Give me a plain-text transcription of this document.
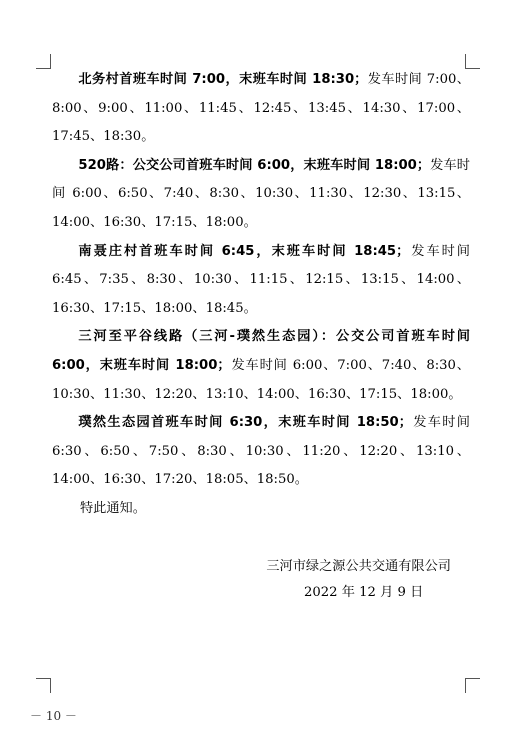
北务村首班车时间 7:00，末班车时间 18:30；发车时间 7:00、8:00、9:00、11:00、11:45、12:45、13:45、14:30、17:00、17:45、18:30。

520路：公交公司首班车时间 6:00，末班车时间 18:00；发车时间 6:00、6:50、7:40、8:30、10:30、11:30、12:30、13:15、14:00、16:30、17:15、18:00。

南聂庄村首班车时间 6:45，末班车时间 18:45；发车时间 6:45、7:35、8:30、10:30、11:15、12:15、13:15、14:00、16:30、17:15、18:00、18:45。

三河至平谷线路（三河-璞然生态园）：公交公司首班车时间 6:00，末班车时间 18:00；发车时间 6:00、7:00、7:40、8:30、10:30、11:30、12:20、13:10、14:00、16:30、17:15、18:00。

璞然生态园首班车时间 6:30，末班车时间 18:50；发车时间 6:30、6:50、7:50、8:30、10:30、11:20、12:20、13:10、14:00、16:30、17:20、18:05、18:50。

特此通知。
三河市绿之源公共交通有限公司
2022 年 12 月 9 日
－ 10 －
